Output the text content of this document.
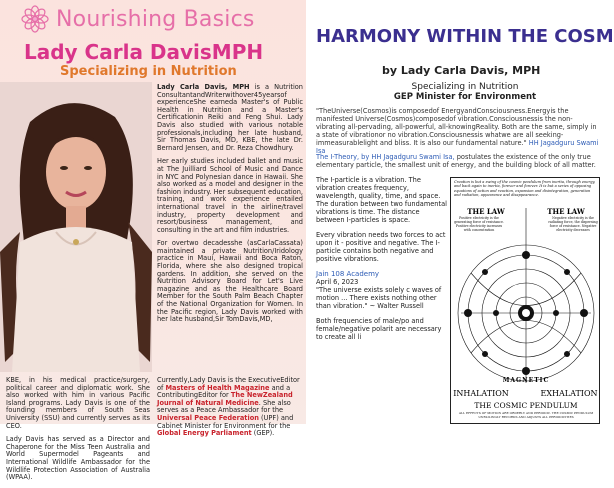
Nourishing Basics
Lady Carla DavisMPH
Specializing in Nutrition

Lady Carla Davis, MPH is a Nutrition ConsultantandWriterwithover45yearsof experienceShe earneda Master's of Public Health in Nutrition and a Master's Certificationin Reiki and Feng Shui. Lady Davis also studied with various notable professionals,including her late husband, Sir Thomas Davis, MD, KBE, the late Dr. Bernard Jensen, and Dr. Reza Chowdhury.

Her early studies included ballet and music at The Juilliard School of Music and Dance in NYC and Polynesian dance in Hawaii. She also worked as a model and designer in the fashion industry. Her subsequent education, training, and work experience entailed international travel in the airline/travel industry, property development and resort/business management, and consulting in the art and film industries.

For overtwo decadesshe (asCarlaCassata) maintained a private Nutrition/Iridology practice in Maui, Hawaii and Boca Raton, Florida, where she also designed tropical gardens. In addition, she served on the Nutrition Advisory Board for Let's Live magazine and as the Healthcare Board Member for the South Palm Beach Chapter of the National Organization for Women. In the Pacific region, Lady Davis worked with her late husband,Sir TomDavis,MD,

KBE, in his medical practice/surgery, political career and diplomatic work. She also worked with him in various Pacific Island programs. Lady Davis is one of the founding members of South Seas University (SSU) and currently serves as its CEO.

Lady Davis has served as a Director and Chaperone for the Miss Teen Australia and World Supermodel Pageants and International Wildlife Ambassador for the Wildlife Protection Association of Australia (WPAA).

Currently,Lady Davis is the ExecutiveEditor of Masters of Health Magazine and a ContributingEditor for The NewZealand Journal of Natural Medicine. She also serves as a Peace Ambassador for the Universal Peace Federation (UPF) and Cabinet Minister for Environment for the Global Energy Parliament (GEP).
HARMONY WITHIN THE COSM
by Lady Carla Davis, MPH
Specializing in Nutrition
GEP Minister for Environment
"TheUniverse(Cosmos)is composedof EnergyandConsciousness.Energyis the manifested Universe(Cosmos)composedof vibration.Consciousnessis the non-vibrating all-pervading, all-powerful, all-knowingReality. Both are the same, simply in a state of vibrationor no vibration.Consciousnessis whatwe are all seeking- immeasurablelight and bliss. It is also our fundamental nature." HH Jagadguru Swami Isa
The I-Theory, by HH Jagadguru Swami Isa, postulates the existence of the only true elementary particle, the smallest unit of energy, and the building block of all matter.

The I-particle is a vibration. The vibration creates frequency, wavelength, quality, time, and space. The duration between two fundamental vibrations is time. The distance between I-particles is space.

Every vibration needs two forces to act upon it - positive and negative. The I-particle contains both negative and positive vibrations.

Jain 108 Academy
April 6, 2023
"The universe exists solely c waves of motion ... There exists nothing other than vibration." ~ Walter Russell

Both frequencies of male/po and female/negative polarit are necessary to create all li

Creation is but a swing of the cosmic pendulum from inertia, through energy, and back again to inertia, forever and forever. It is but a series of opposing equations of action and reaction, expansion and disintegration, generation and radiation, appearance and disappearance.
THE LAW	THE LAW
Positive electricity is the generating force of resistance. Positive electricity increases with concentration
Negative electricity is the radiating force, the dispersing force of resistance. Negative electricity decreases
MAGNETIC
INHALATION	EXHALATION
THE COSMIC PENDULUM
ALL EFFECTS OF MOTION ARE ORDERLY AND PERIODIC. THE COSMIC PENDULUM UNFAILINGLY RECORDS AND ADJUSTS ALL PERIODICITIES
